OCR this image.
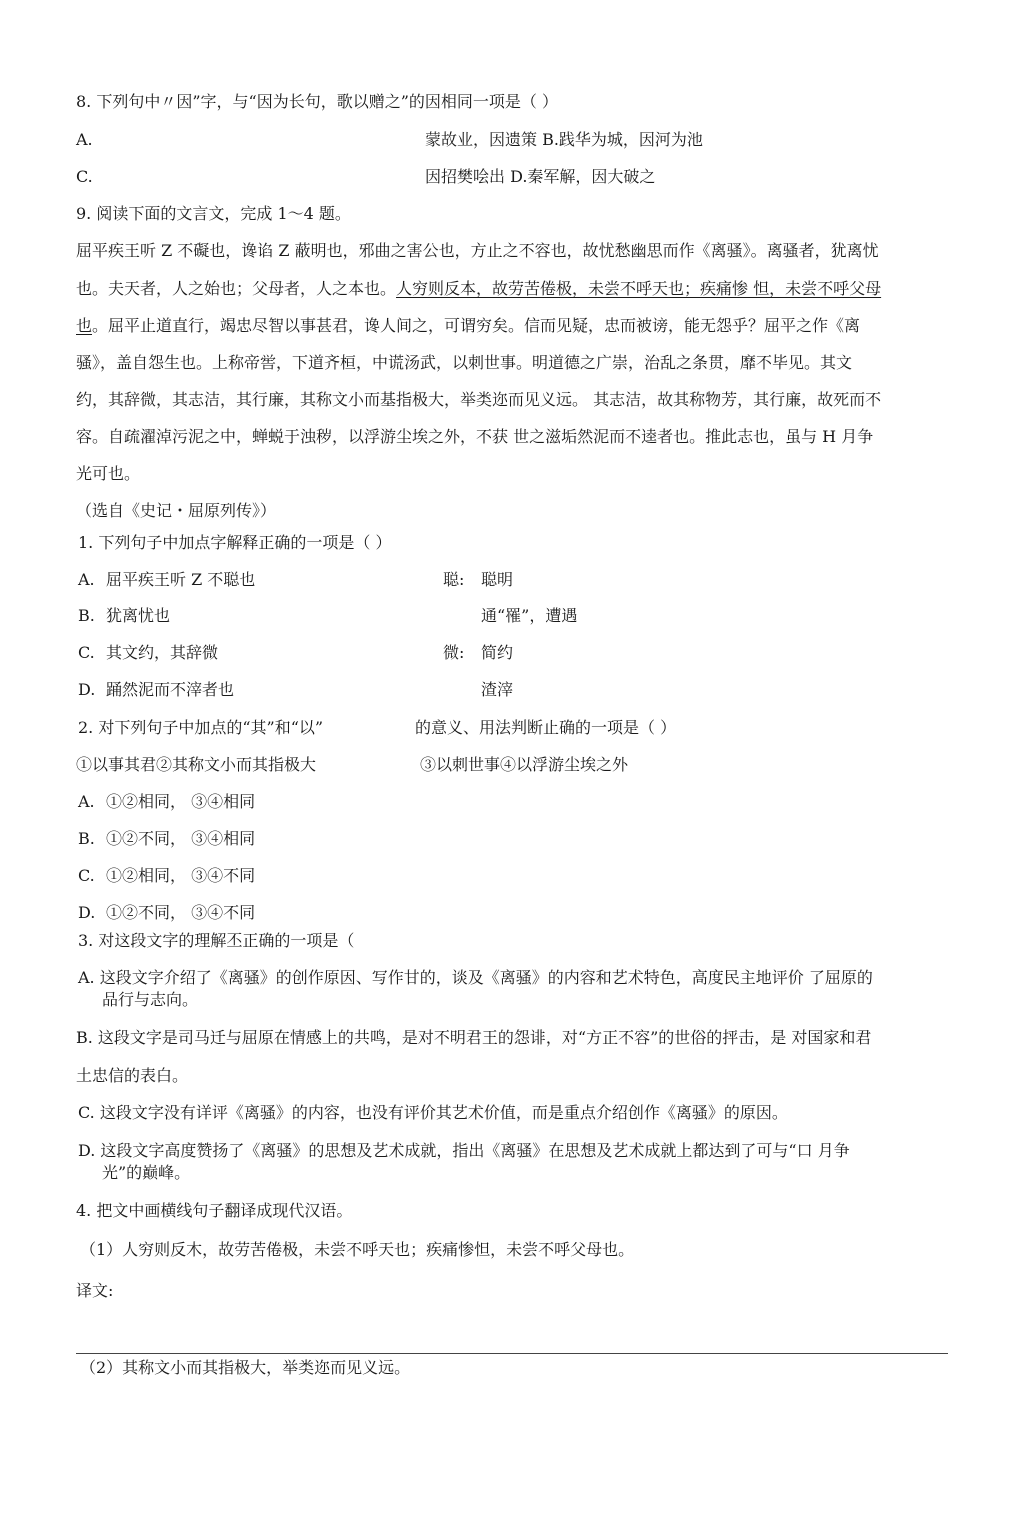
8. 下列句中〃因”字，与“因为长句，歌以赠之”的因相同一项是（ ）
A.	蒙故业，因遗策 B.践华为城，因河为池
C.	因招樊哙出 D.秦军解，因大破之
9. 阅读下面的文言文，完成 1～4 题。
屈平疾王听 Z 不礙也，谗谄 Z 蔽明也，邪曲之害公也，方止之不容也，故忧愁幽思而作《离骚》。离骚者，犹离忧
也。夫天者，人之始也；父母者，人之本也。人穷则反本，故劳苦倦极，未尝不呼天也；疾痛惨 怛，未尝不呼父母
也。屈平止道直行，竭忠尽智以事甚君，谗人间之，可谓穷矣。信而见疑，忠而被谤，能无怨乎？屈平之作《离
骚》，盖自怨生也。上称帝喾，下道齐桓，中谎汤武，以刺世事。明道德之广崇，治乱之条贯，靡不毕见。其文
约，其辞微，其志洁，其行廉，其称文小而基指极大，举类迩而见义远。 其志洁，故其称物芳，其行廉，故死而不
容。自疏濯淖污泥之中，蝉蜕于浊秽，以浮游尘埃之外，不获 世之滋垢然泥而不逵者也。推此志也，虽与 H 月争
光可也。
（选自《史记・屈原列传》）
1. 下列句子中加点字解释正确的一项是（ ）
A. 屈平疾王听 Z 不聪也	聪: 聪明
B. 犹离忧也	通“罹”，遭遇
C. 其文约，其辞微	微: 简约
D. 踊然泥而不滓者也	渣滓
2. 对下列句子中加点的“其”和“以”	的意义、用法判断止确的一项是（ ）
①以事其君②其称文小而其指极大	③以刺世事④以浮游尘埃之外
A. ①②相同， ③④相同
B. ①②不同， ③④相同
C. ①②相同， ③④不同
D. ①②不同， ③④不同
3. 对这段文字的理解丕正确的一项是（
A. 这段文字介绍了《离骚》的创作原因、写作甘的，谈及《离骚》的内容和艺术特色，高度民主地评价 了屈原的
品行与志向。
B. 这段文字是司马迁与屈原在情感上的共鸣，是对不明君王的怨诽，对“方正不容”的世俗的抨击，是 对国家和君
土忠信的表白。
C. 这段文字没有详评《离骚》的内容，也没有评价其艺术价值，而是重点介绍创作《离骚》的原因。
D. 这段文字高度赞扬了《离骚》的思想及艺术成就，指出《离骚》在思想及艺术成就上都达到了可与“口 月争
光”的巅峰。
4. 把文中画横线句子翻译成现代汉语。
（1）人穷则反木，故劳苦倦极，未尝不呼天也；疾痛惨怛，未尝不呼父母也。
译文:
（2）其称文小而其指极大，举类迩而见义远。
